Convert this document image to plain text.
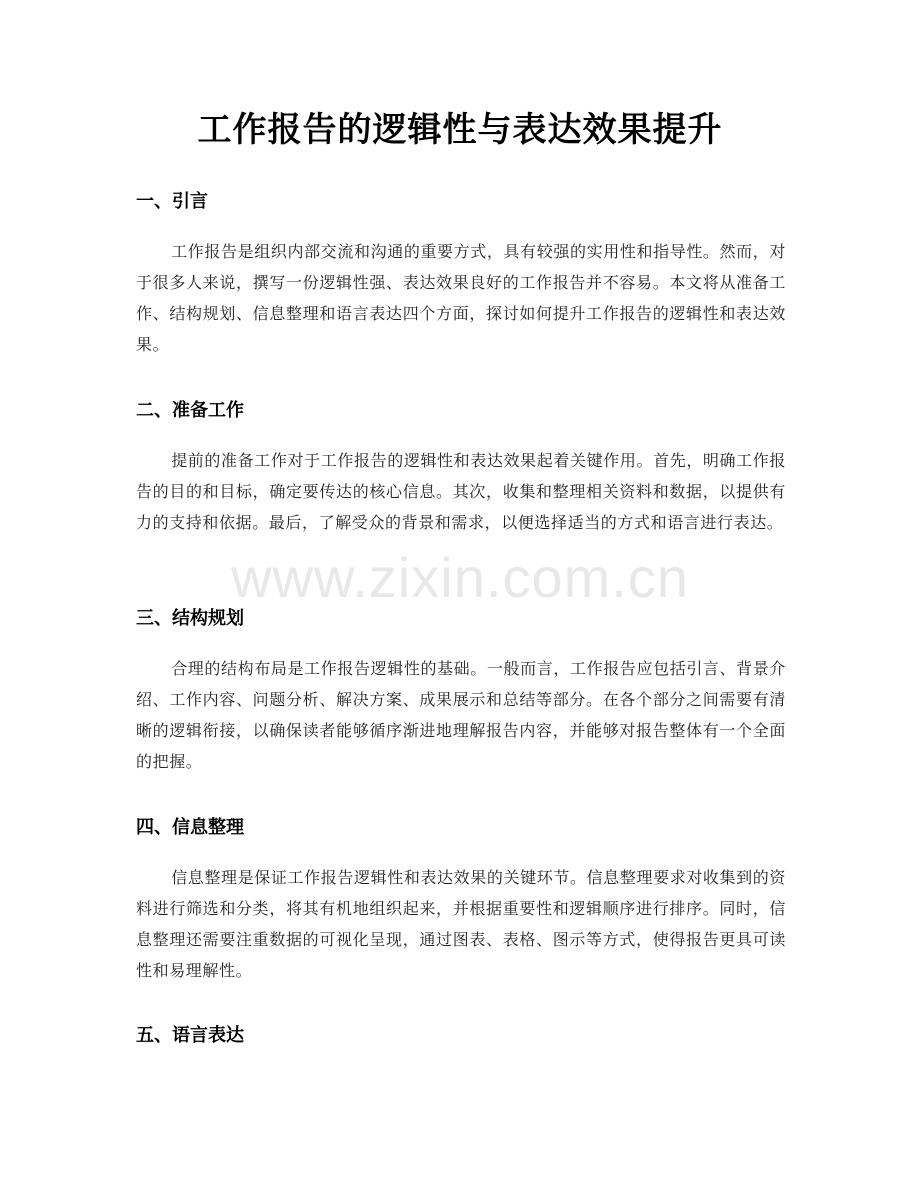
工作报告的逻辑性与表达效果提升
一、引言
工作报告是组织内部交流和沟通的重要方式，具有较强的实用性和指导性。然而，对于很多人来说，撰写一份逻辑性强、表达效果良好的工作报告并不容易。本文将从准备工作、结构规划、信息整理和语言表达四个方面，探讨如何提升工作报告的逻辑性和表达效果。
二、准备工作
提前的准备工作对于工作报告的逻辑性和表达效果起着关键作用。首先，明确工作报告的目的和目标，确定要传达的核心信息。其次，收集和整理相关资料和数据，以提供有力的支持和依据。最后，了解受众的背景和需求，以便选择适当的方式和语言进行表达。
三、结构规划
合理的结构布局是工作报告逻辑性的基础。一般而言，工作报告应包括引言、背景介绍、工作内容、问题分析、解决方案、成果展示和总结等部分。在各个部分之间需要有清晰的逻辑衔接，以确保读者能够循序渐进地理解报告内容，并能够对报告整体有一个全面的把握。
四、信息整理
信息整理是保证工作报告逻辑性和表达效果的关键环节。信息整理要求对收集到的资料进行筛选和分类，将其有机地组织起来，并根据重要性和逻辑顺序进行排序。同时，信息整理还需要注重数据的可视化呈现，通过图表、表格、图示等方式，使得报告更具可读性和易理解性。
五、语言表达
www.zixin.com.cn
